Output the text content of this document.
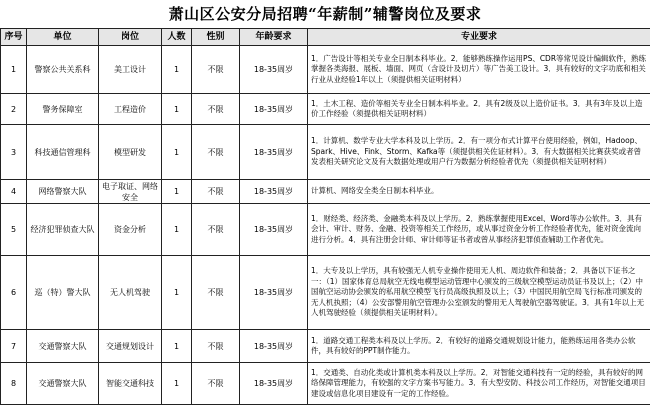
萧山区公安分局招聘“年薪制”辅警岗位及要求
序号	单位	岗位	人数	性别	年龄要求	专业要求
1	警察公共关系科	美工设计	1	不限	18-35周岁	1．广告设计等相关专业全日制本科毕业。2．能够熟练操作运用PS、CDR等常见设计编辑软件，熟练掌握各类海报、展板、墙面、网页（含设计及切片）等广告美工设计。3．具有较好的文字功底和相关行业从业经验1年以上（须提供相关证明材料）
2	警务保障室	工程造价	1	不限	18-35周岁	1．土木工程、造价等相关专业全日制本科毕业。2．具有2级及以上造价证书。3．具有3年及以上造价工作经验（须提供相关证明材料）
3	科技通信管理科	模型研发	1	不限	18-35周岁	1．计算机、数学专业大学本科及以上学历。2．有一项分布式计算平台使用经验，例如，Hadoop、Spark、Hive、Fink、Storm、Kafka等（须提供相关佐证材料）。3．有大数据相关比赛获奖或者曾发表相关研究论文及有大数据处理或用户行为数据分析经验者优先（须提供相关证明材料）
4	网络警察大队	电子取证、网络安全	1	不限	18-35周岁	计算机、网络安全类全日制本科毕业。
5	经济犯罪侦查大队	资金分析	1	不限	18-35周岁	1．财经类、经济类、金融类本科及以上学历。2．熟练掌握使用Excel、Word等办公软件。3．具有会计、审计、财务、金融、投资等相关工作经历，或从事过资金分析工作经验者优先，能对资金流向进行分析。4．具有注册会计师、审计师等证书者或曾从事经济犯罪侦查辅助工作者优先。
6	巡（特）警大队	无人机驾驶	1	不限	18-35周岁	1．大专及以上学历，具有较强无人机专业操作使用无人机、周边软件和装备；2．具备以下证书之一：（1）国家体育总局航空无线电模型运动管理中心颁发的三级航空模型运动员证书及以上；（2）中国航空运动协会颁发的私用航空模型飞行员高级执照及以上；（3）中国民用航空局飞行标准司颁发的无人机执照；（4）公安部警用航空管理办公室颁发的警用无人驾驶航空器驾驶证。3．具有1年以上无人机驾驶经验（须提供相关证明材料）。
7	交通警察大队	交通规划设计	1	不限	18-35周岁	1．道路交通工程类本科及以上学历。2．有较好的道路交通规划设计能力，能熟练运用各类办公软件，具有较好的PPT制作能力。
8	交通警察大队	智能交通科技	1	不限	18-35周岁	1．交通类、自动化类或计算机类本科及以上学历。2．对智能交通科技有一定的经验，具有较好的网络保障管理能力，有较强的文字方案书写能力。3．有大型安防、科技公司工作经历，对智能交通项目建设或信息化项目建设有一定的工作经验。
